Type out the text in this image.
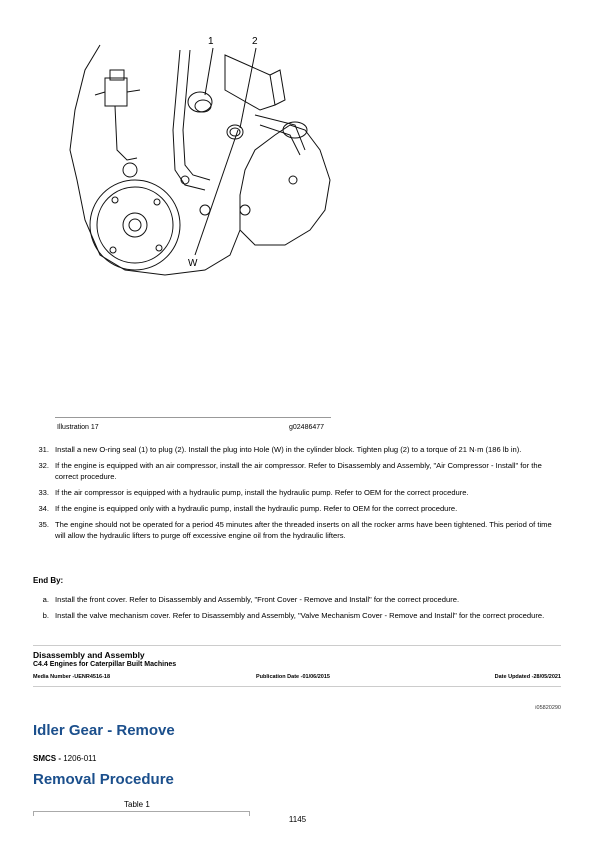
1	2
W
Illustration 17	g02486477
31. Install a new O-ring seal (1) to plug (2). Install the plug into Hole (W) in the cylinder block. Tighten plug (2) to a torque of 21 N·m (186 lb in).
32. If the engine is equipped with an air compressor, install the air compressor. Refer to Disassembly and Assembly, "Air Compressor - Install" for the correct procedure.
33. If the air compressor is equipped with a hydraulic pump, install the hydraulic pump. Refer to OEM for the correct procedure.
34. If the engine is equipped only with a hydraulic pump, install the hydraulic pump. Refer to OEM for the correct procedure.
35. The engine should not be operated for a period 45 minutes after the threaded inserts on all the rocker arms have been tightened. This period of time will allow the hydraulic lifters to purge off excessive engine oil from the hydraulic lifters.
End By:
a. Install the front cover. Refer to Disassembly and Assembly, "Front Cover - Remove and Install" for the correct procedure.
b. Install the valve mechanism cover. Refer to Disassembly and Assembly, "Valve Mechanism Cover - Remove and Install" for the correct procedure.
Disassembly and Assembly
C4.4 Engines for Caterpillar Built Machines
Media Number -UENR4516-18	Publication Date -01/06/2015	Date Updated -28/05/2021
i05820290
Idler Gear - Remove
SMCS - 1206-011
Removal Procedure
Table 1
1145
